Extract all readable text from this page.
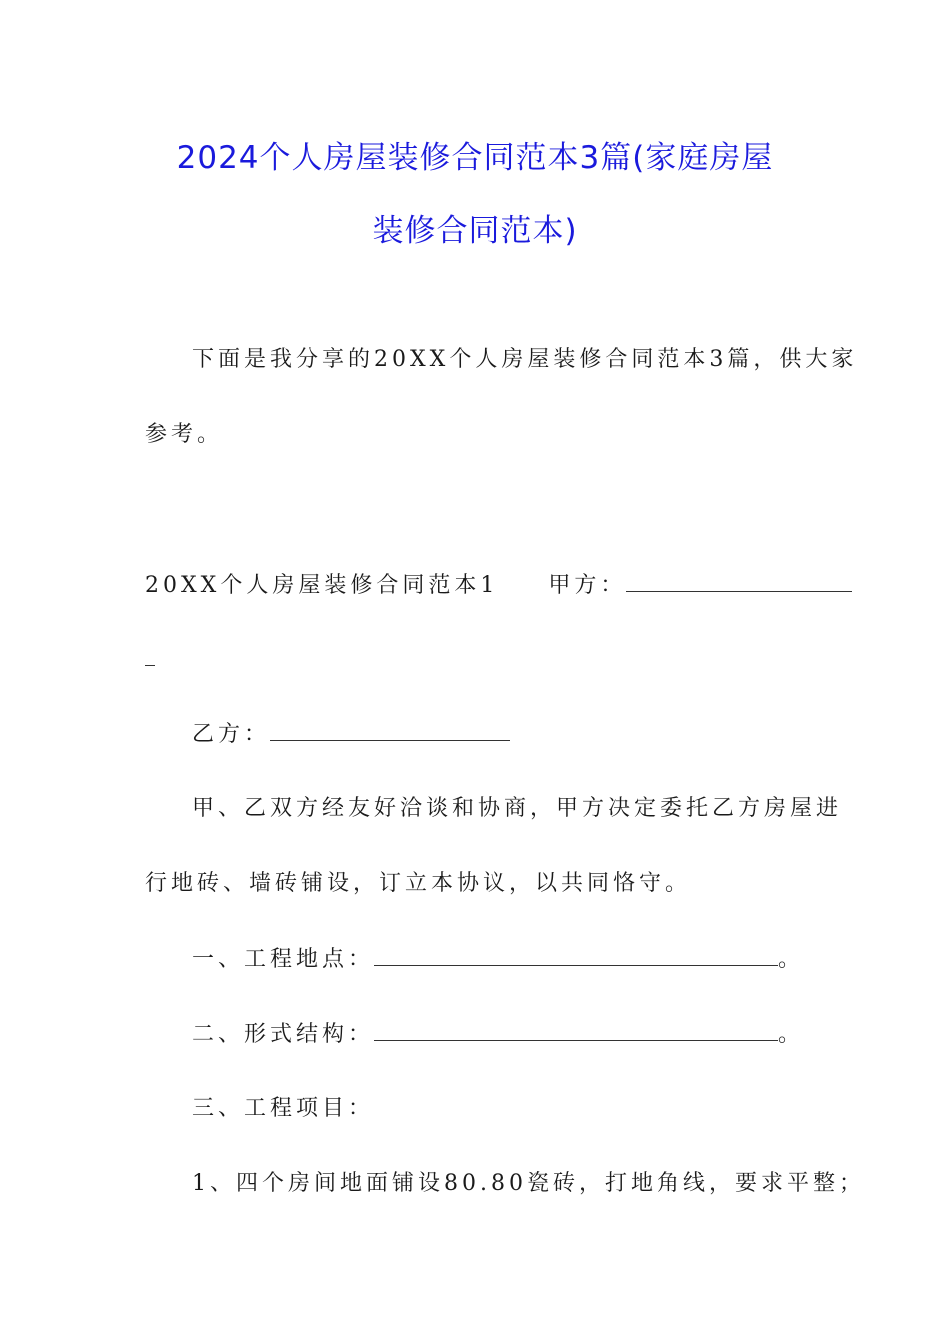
2024个人房屋装修合同范本3篇(家庭房屋
装修合同范本)
下面是我分享的20XX个人房屋装修合同范本3篇，供大家
参考。
20XX个人房屋装修合同范本1 甲方：
乙方：
甲、乙双方经友好洽谈和协商，甲方决定委托乙方房屋进
行地砖、墙砖铺设，订立本协议，以共同恪守。
一、工程地点：	。
二、形式结构：	。
三、工程项目：
1、四个房间地面铺设80.80瓷砖，打地角线，要求平整；
